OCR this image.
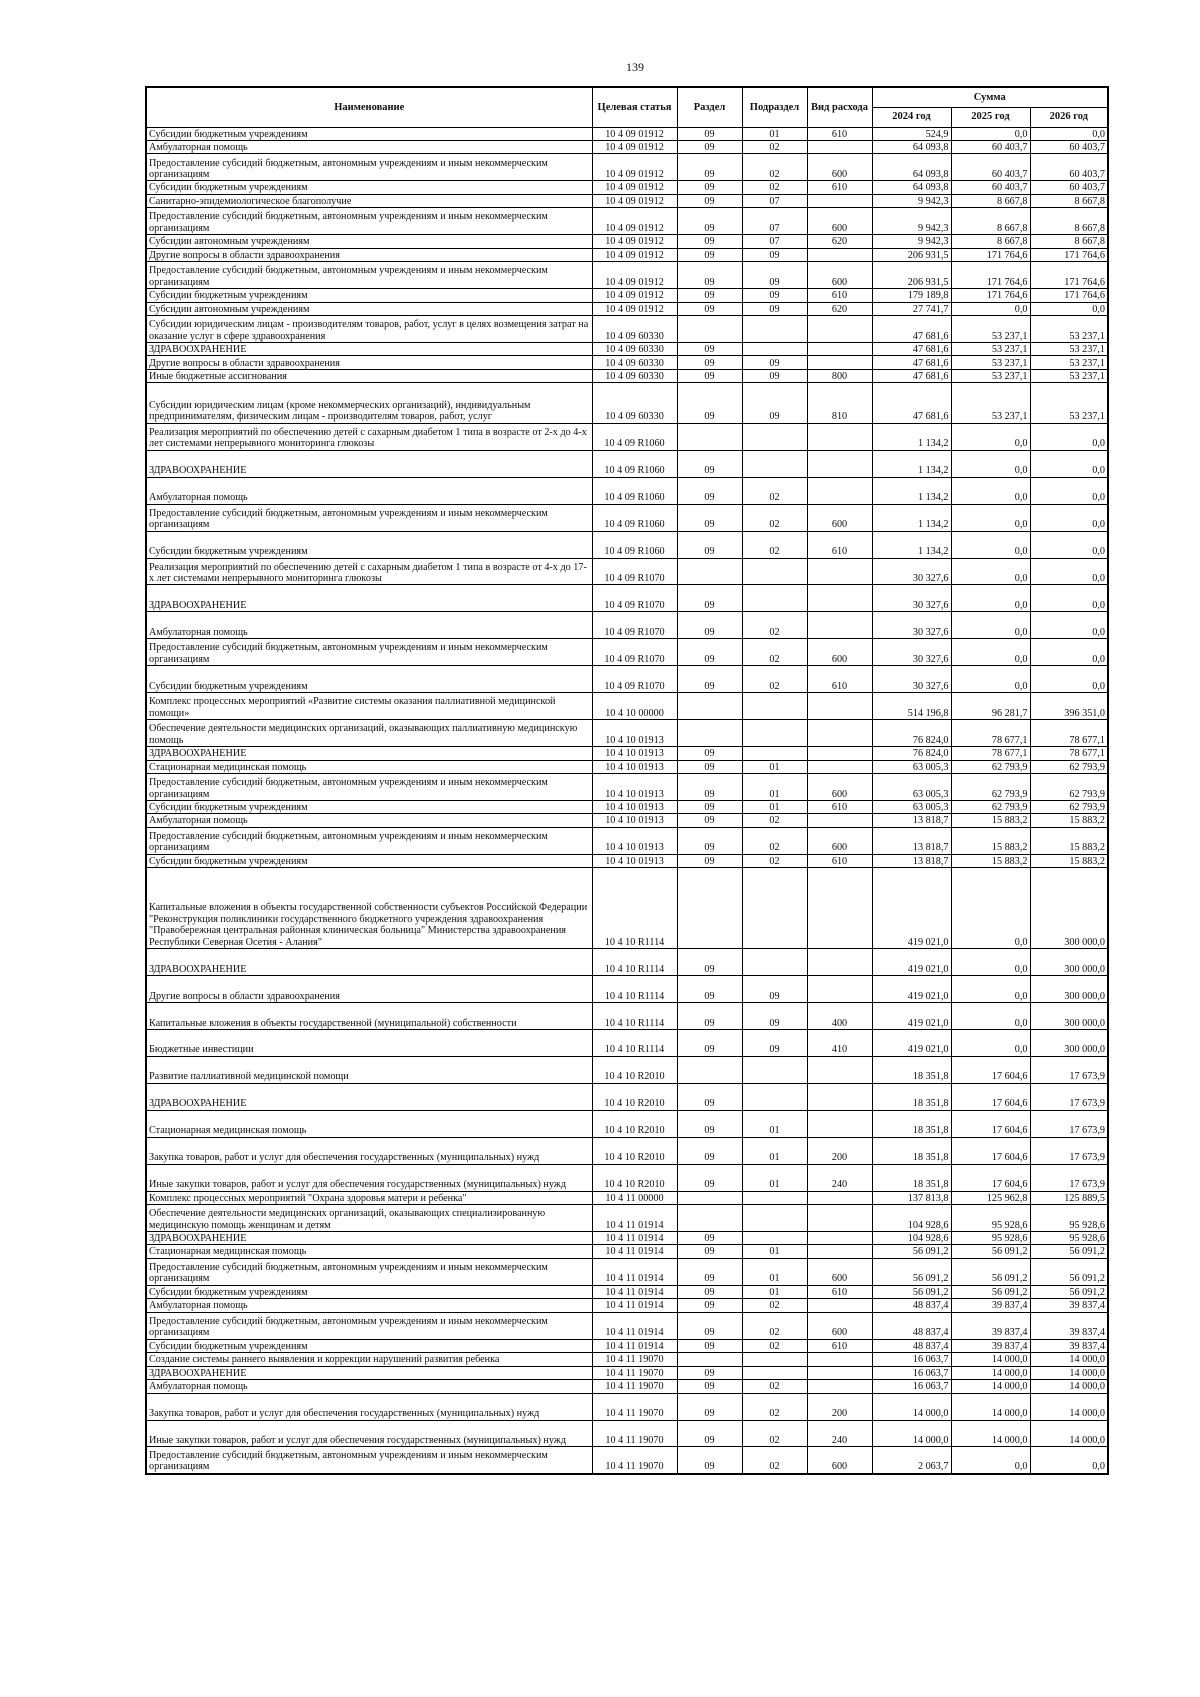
139
Наименование	Целевая статья	Раздел	Подраздел	Вид расхода	Сумма		
					2024 год	2025 год	2026 год
Субсидии бюджетным учреждениям	10 4 09 01912	09	01	610	524,9	0,0	0,0
Амбулаторная помощь	10 4 09 01912	09	02		64 093,8	60 403,7	60 403,7
Предоставление субсидий бюджетным, автономным учреждениям и иным некоммерческим организациям	10 4 09 01912	09	02	600	64 093,8	60 403,7	60 403,7
Субсидии бюджетным учреждениям	10 4 09 01912	09	02	610	64 093,8	60 403,7	60 403,7
Санитарно-эпидемиологическое благополучие	10 4 09 01912	09	07		9 942,3	8 667,8	8 667,8
Предоставление субсидий бюджетным, автономным учреждениям и иным некоммерческим организациям	10 4 09 01912	09	07	600	9 942,3	8 667,8	8 667,8
Субсидии автономным учреждениям	10 4 09 01912	09	07	620	9 942,3	8 667,8	8 667,8
Другие вопросы в области здравоохранения	10 4 09 01912	09	09		206 931,5	171 764,6	171 764,6
Предоставление субсидий бюджетным, автономным учреждениям и иным некоммерческим организациям	10 4 09 01912	09	09	600	206 931,5	171 764,6	171 764,6
Субсидии бюджетным учреждениям	10 4 09 01912	09	09	610	179 189,8	171 764,6	171 764,6
Субсидии автономным учреждениям	10 4 09 01912	09	09	620	27 741,7	0,0	0,0
Субсидии юридическим лицам - производителям товаров, работ, услуг в целях возмещения затрат на оказание услуг в сфере здравоохранения	10 4 09 60330				47 681,6	53 237,1	53 237,1
ЗДРАВООХРАНЕНИЕ	10 4 09 60330	09			47 681,6	53 237,1	53 237,1
Другие вопросы в области здравоохранения	10 4 09 60330	09	09		47 681,6	53 237,1	53 237,1
Иные бюджетные ассигнования	10 4 09 60330	09	09	800	47 681,6	53 237,1	53 237,1
Субсидии юридическим лицам (кроме некоммерческих организаций), индивидуальным предпринимателям, физическим лицам - производителям товаров, работ, услуг	10 4 09 60330	09	09	810	47 681,6	53 237,1	53 237,1
Реализация мероприятий по обеспечению детей с сахарным диабетом 1 типа в возрасте от 2-х до 4-х лет системами непрерывного мониторинга глюкозы	10 4 09 R1060				1 134,2	0,0	0,0
ЗДРАВООХРАНЕНИЕ	10 4 09 R1060	09			1 134,2	0,0	0,0
Амбулаторная помощь	10 4 09 R1060	09	02		1 134,2	0,0	0,0
Предоставление субсидий бюджетным, автономным учреждениям и иным некоммерческим организациям	10 4 09 R1060	09	02	600	1 134,2	0,0	0,0
Субсидии бюджетным учреждениям	10 4 09 R1060	09	02	610	1 134,2	0,0	0,0
Реализация мероприятий по обеспечению детей с сахарным диабетом 1 типа в возрасте от 4-х до 17-х лет системами непрерывного мониторинга глюкозы	10 4 09 R1070				30 327,6	0,0	0,0
ЗДРАВООХРАНЕНИЕ	10 4 09 R1070	09			30 327,6	0,0	0,0
Амбулаторная помощь	10 4 09 R1070	09	02		30 327,6	0,0	0,0
Предоставление субсидий бюджетным, автономным учреждениям и иным некоммерческим организациям	10 4 09 R1070	09	02	600	30 327,6	0,0	0,0
Субсидии бюджетным учреждениям	10 4 09 R1070	09	02	610	30 327,6	0,0	0,0
Комплекс процессных мероприятий «Развитие системы оказания паллиативной медицинской помощи»	10 4 10 00000				514 196,8	96 281,7	396 351,0
Обеспечение деятельности медицинских организаций, оказывающих паллиативную медицинскую помощь	10 4 10 01913				76 824,0	78 677,1	78 677,1
ЗДРАВООХРАНЕНИЕ	10 4 10 01913	09			76 824,0	78 677,1	78 677,1
Стационарная медицинская помощь	10 4 10 01913	09	01		63 005,3	62 793,9	62 793,9
Предоставление субсидий бюджетным, автономным учреждениям и иным некоммерческим организациям	10 4 10 01913	09	01	600	63 005,3	62 793,9	62 793,9
Субсидии бюджетным учреждениям	10 4 10 01913	09	01	610	63 005,3	62 793,9	62 793,9
Амбулаторная помощь	10 4 10 01913	09	02		13 818,7	15 883,2	15 883,2
Предоставление субсидий бюджетным, автономным учреждениям и иным некоммерческим организациям	10 4 10 01913	09	02	600	13 818,7	15 883,2	15 883,2
Субсидии бюджетным учреждениям	10 4 10 01913	09	02	610	13 818,7	15 883,2	15 883,2
Капитальные вложения в объекты государственной собственности субъектов Российской Федерации "Реконструкция поликлиники государственного бюджетного учреждения здравоохранения "Правобережная центральная районная клиническая больница" Министерства здравоохранения Республики Северная Осетия - Алания"	10 4 10 R1114				419 021,0	0,0	300 000,0
ЗДРАВООХРАНЕНИЕ	10 4 10 R1114	09			419 021,0	0,0	300 000,0
Другие вопросы в области здравоохранения	10 4 10 R1114	09	09		419 021,0	0,0	300 000,0
Капитальные вложения в объекты государственной (муниципальной) собственности	10 4 10 R1114	09	09	400	419 021,0	0,0	300 000,0
Бюджетные инвестиции	10 4 10 R1114	09	09	410	419 021,0	0,0	300 000,0
Развитие паллиативной медицинской помощи	10 4 10 R2010				18 351,8	17 604,6	17 673,9
ЗДРАВООХРАНЕНИЕ	10 4 10 R2010	09			18 351,8	17 604,6	17 673,9
Стационарная медицинская помощь	10 4 10 R2010	09	01		18 351,8	17 604,6	17 673,9
Закупка товаров, работ и услуг для обеспечения государственных (муниципальных) нужд	10 4 10 R2010	09	01	200	18 351,8	17 604,6	17 673,9
Иные закупки товаров, работ и услуг для обеспечения государственных (муниципальных) нужд	10 4 10 R2010	09	01	240	18 351,8	17 604,6	17 673,9
Комплекс процессных мероприятий "Охрана здоровья матери и ребенка"	10 4 11 00000				137 813,8	125 962,8	125 889,5
Обеспечение деятельности медицинских организаций, оказывающих специализированную медицинскую помощь женщинам и детям	10 4 11 01914				104 928,6	95 928,6	95 928,6
ЗДРАВООХРАНЕНИЕ	10 4 11 01914	09			104 928,6	95 928,6	95 928,6
Стационарная медицинская помощь	10 4 11 01914	09	01		56 091,2	56 091,2	56 091,2
Предоставление субсидий бюджетным, автономным учреждениям и иным некоммерческим организациям	10 4 11 01914	09	01	600	56 091,2	56 091,2	56 091,2
Субсидии бюджетным учреждениям	10 4 11 01914	09	01	610	56 091,2	56 091,2	56 091,2
Амбулаторная помощь	10 4 11 01914	09	02		48 837,4	39 837,4	39 837,4
Предоставление субсидий бюджетным, автономным учреждениям и иным некоммерческим организациям	10 4 11 01914	09	02	600	48 837,4	39 837,4	39 837,4
Субсидии бюджетным учреждениям	10 4 11 01914	09	02	610	48 837,4	39 837,4	39 837,4
Создание системы раннего выявления и коррекции нарушений развития ребенка	10 4 11 19070				16 063,7	14 000,0	14 000,0
ЗДРАВООХРАНЕНИЕ	10 4 11 19070	09			16 063,7	14 000,0	14 000,0
Амбулаторная помощь	10 4 11 19070	09	02		16 063,7	14 000,0	14 000,0
Закупка товаров, работ и услуг для обеспечения государственных (муниципальных) нужд	10 4 11 19070	09	02	200	14 000,0	14 000,0	14 000,0
Иные закупки товаров, работ и услуг для обеспечения государственных (муниципальных) нужд	10 4 11 19070	09	02	240	14 000,0	14 000,0	14 000,0
Предоставление субсидий бюджетным, автономным учреждениям и иным некоммерческим организациям	10 4 11 19070	09	02	600	2 063,7	0,0	0,0
